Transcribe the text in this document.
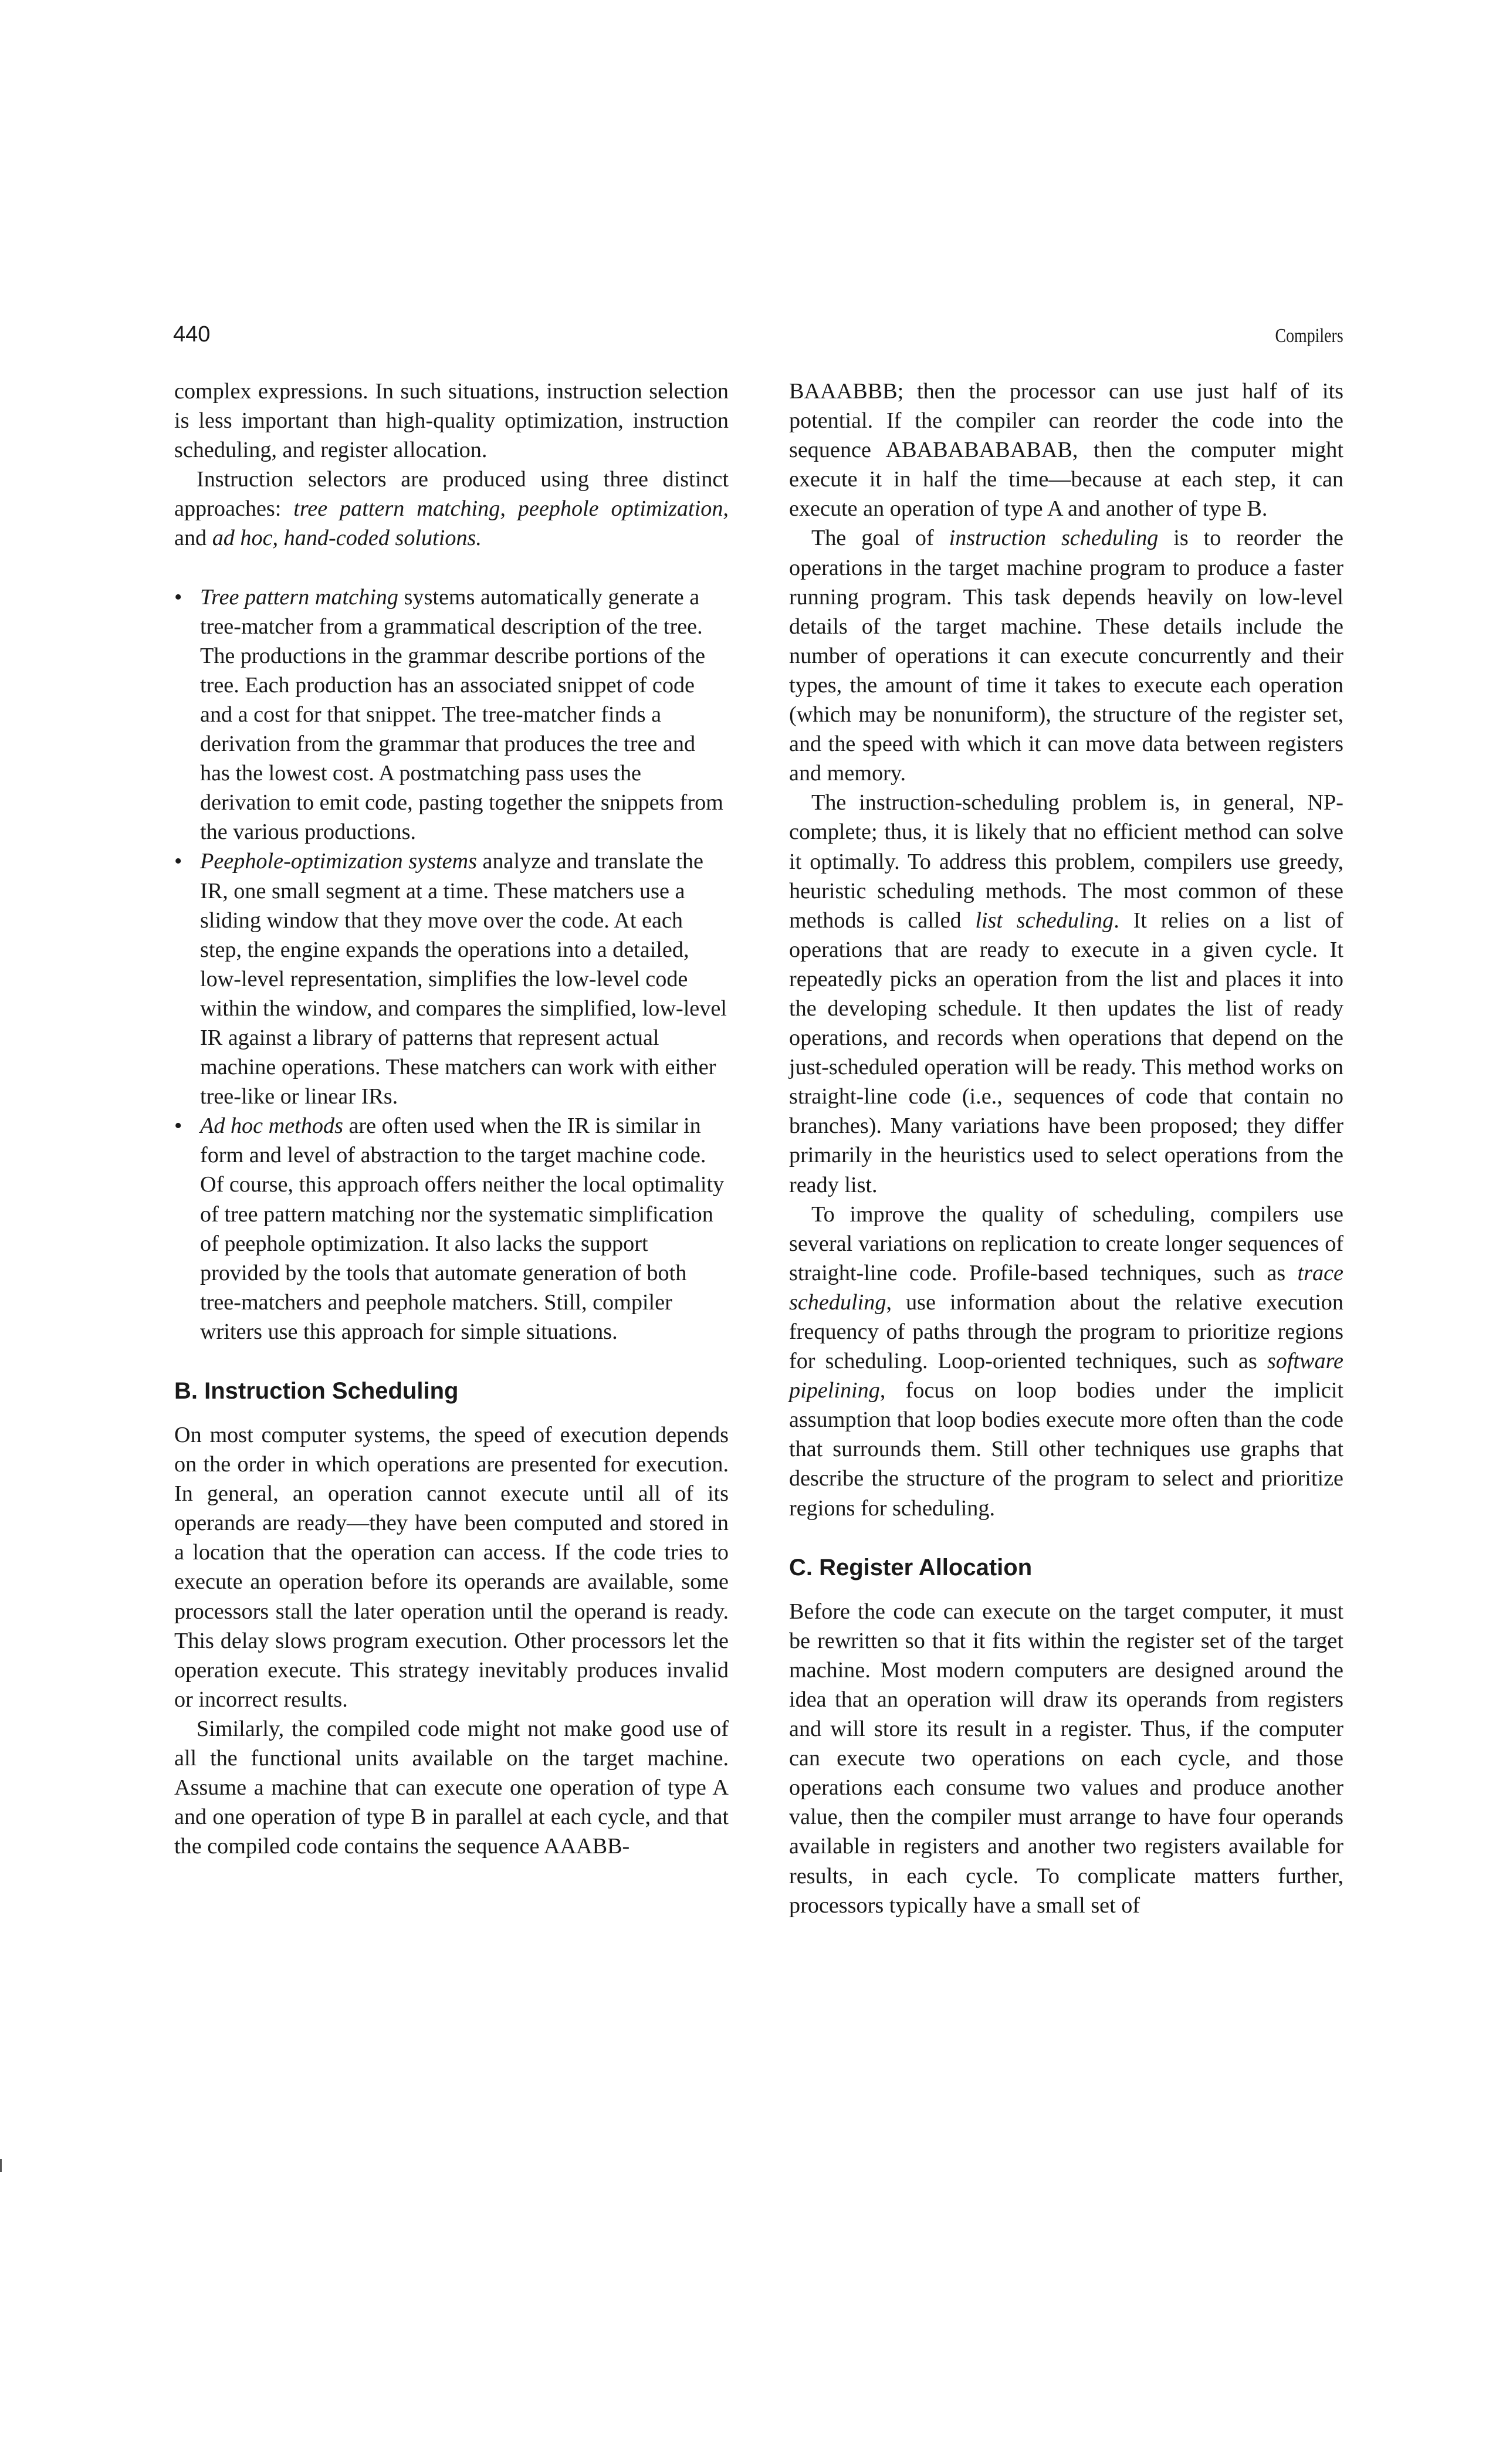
440	Compilers

complex expressions. In such situations, instruction selection is less important than high-quality optimization, instruction scheduling, and register allocation.

Instruction selectors are produced using three distinct approaches: tree pattern matching, peephole optimization, and ad hoc, hand-coded solutions.

• Tree pattern matching systems automatically generate a tree-matcher from a grammatical description of the tree. The productions in the grammar describe portions of the tree. Each production has an associated snippet of code and a cost for that snippet. The tree-matcher finds a derivation from the grammar that produces the tree and has the lowest cost. A postmatching pass uses the derivation to emit code, pasting together the snippets from the various productions.
• Peephole-optimization systems analyze and translate the IR, one small segment at a time. These matchers use a sliding window that they move over the code. At each step, the engine expands the operations into a detailed, low-level representation, simplifies the low-level code within the window, and compares the simplified, low-level IR against a library of patterns that represent actual machine operations. These matchers can work with either tree-like or linear IRs.
• Ad hoc methods are often used when the IR is similar in form and level of abstraction to the target machine code. Of course, this approach offers neither the local optimality of tree pattern matching nor the systematic simplification of peephole optimization. It also lacks the support provided by the tools that automate generation of both tree-matchers and peephole matchers. Still, compiler writers use this approach for simple situations.
B. Instruction Scheduling

On most computer systems, the speed of execution depends on the order in which operations are presented for execution. In general, an operation cannot execute until all of its operands are ready—they have been computed and stored in a location that the operation can access. If the code tries to execute an operation before its operands are available, some processors stall the later operation until the operand is ready. This delay slows program execution. Other processors let the operation execute. This strategy inevitably produces invalid or incorrect results.

Similarly, the compiled code might not make good use of all the functional units available on the target machine. Assume a machine that can execute one operation of type A and one operation of type B in parallel at each cycle, and that the compiled code contains the sequence AAABB-

BAAABBB; then the processor can use just half of its potential. If the compiler can reorder the code into the sequence ABABABABABAB, then the computer might execute it in half the time—because at each step, it can execute an operation of type A and another of type B.

The goal of instruction scheduling is to reorder the operations in the target machine program to produce a faster running program. This task depends heavily on low-level details of the target machine. These details include the number of operations it can execute concurrently and their types, the amount of time it takes to execute each operation (which may be nonuniform), the structure of the register set, and the speed with which it can move data between registers and memory.

The instruction-scheduling problem is, in general, NP-complete; thus, it is likely that no efficient method can solve it optimally. To address this problem, compilers use greedy, heuristic scheduling methods. The most common of these methods is called list scheduling. It relies on a list of operations that are ready to execute in a given cycle. It repeatedly picks an operation from the list and places it into the developing schedule. It then updates the list of ready operations, and records when operations that depend on the just-scheduled operation will be ready. This method works on straight-line code (i.e., sequences of code that contain no branches). Many variations have been proposed; they differ primarily in the heuristics used to select operations from the ready list.

To improve the quality of scheduling, compilers use several variations on replication to create longer sequences of straight-line code. Profile-based techniques, such as trace scheduling, use information about the relative execution frequency of paths through the program to prioritize regions for scheduling. Loop-oriented techniques, such as software pipelining, focus on loop bodies under the implicit assumption that loop bodies execute more often than the code that surrounds them. Still other techniques use graphs that describe the structure of the program to select and prioritize regions for scheduling.

C. Register Allocation

Before the code can execute on the target computer, it must be rewritten so that it fits within the register set of the target machine. Most modern computers are designed around the idea that an operation will draw its operands from registers and will store its result in a register. Thus, if the computer can execute two operations on each cycle, and those operations each consume two values and produce another value, then the compiler must arrange to have four operands available in registers and another two registers available for results, in each cycle. To complicate matters further, processors typically have a small set of
